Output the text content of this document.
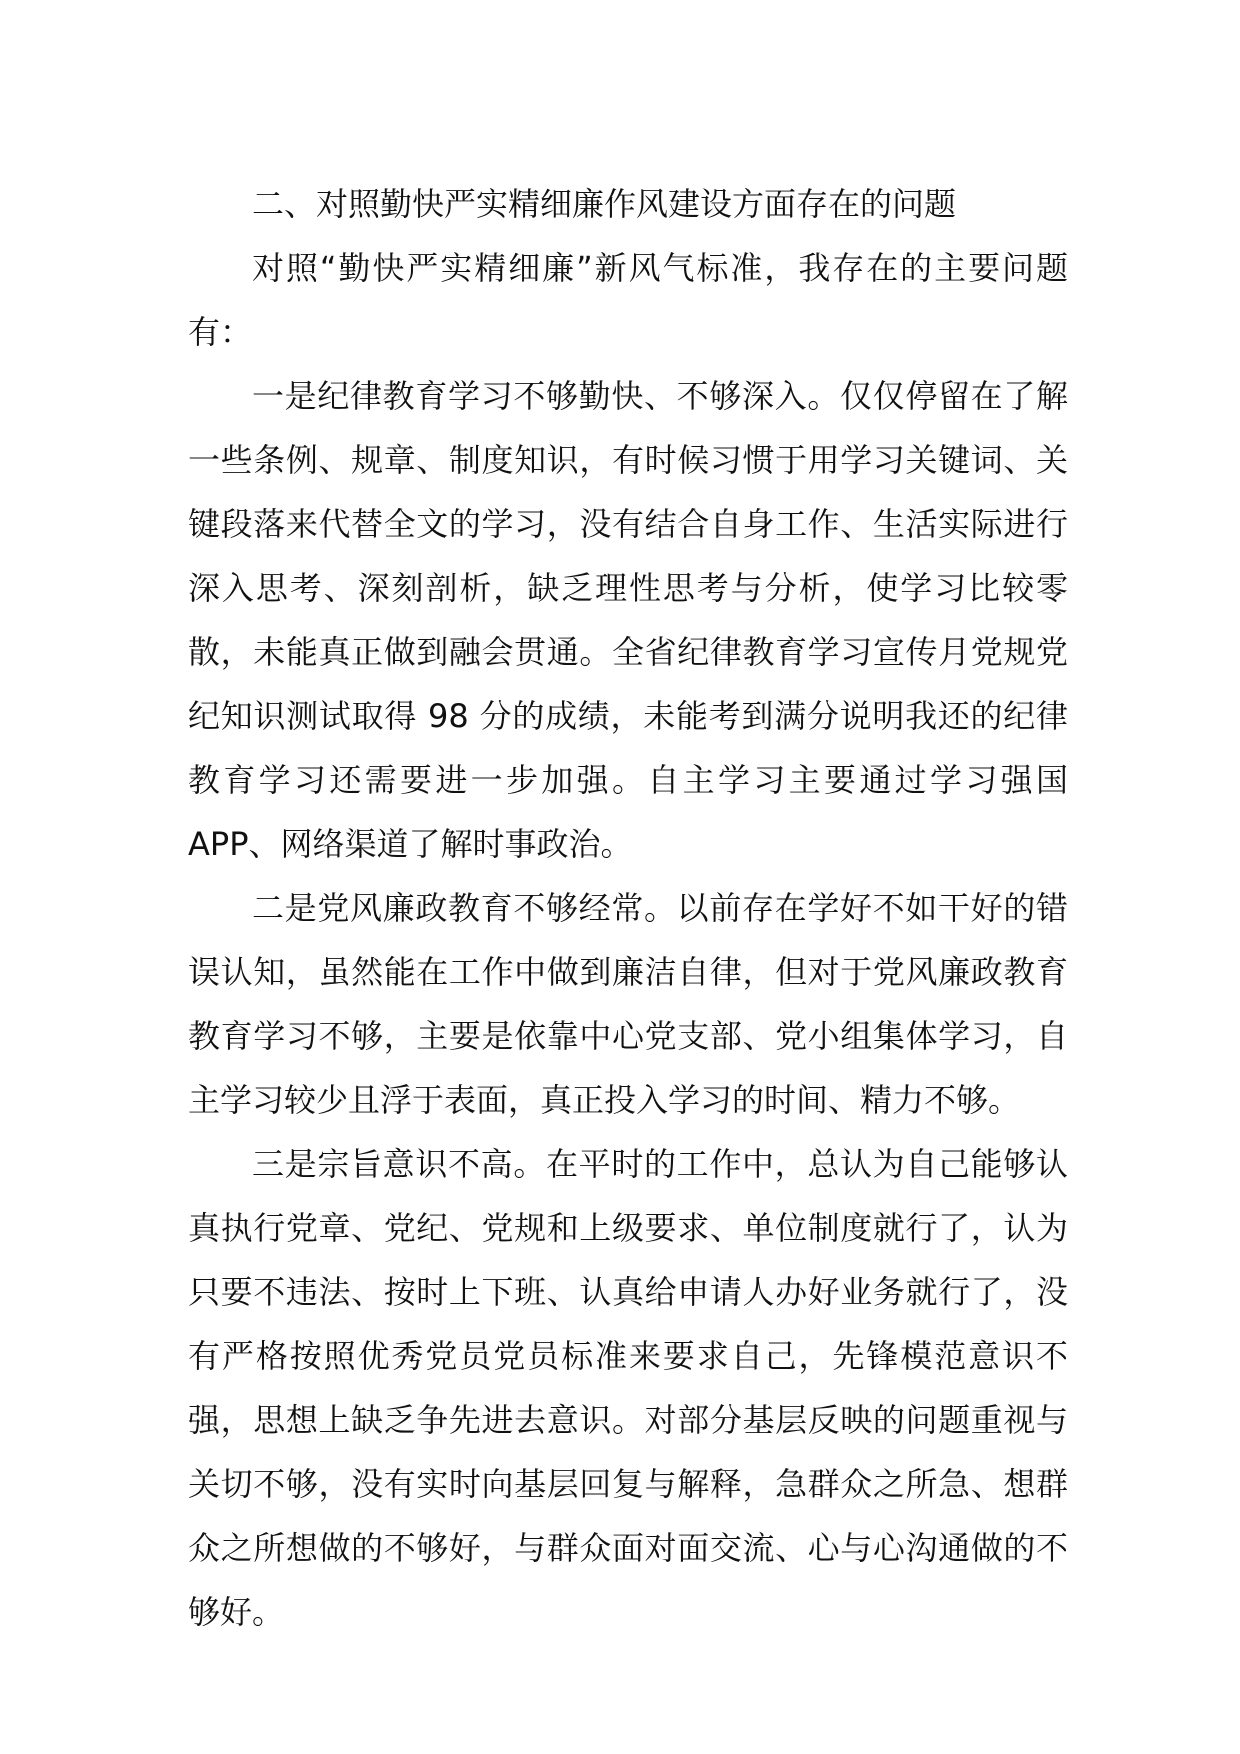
二、对照勤快严实精细廉作风建设方面存在的问题

对照“勤快严实精细廉”新风气标准，我存在的主要问题有：

一是纪律教育学习不够勤快、不够深入。仅仅停留在了解一些条例、规章、制度知识，有时候习惯于用学习关键词、关键段落来代替全文的学习，没有结合自身工作、生活实际进行深入思考、深刻剖析，缺乏理性思考与分析，使学习比较零散，未能真正做到融会贯通。全省纪律教育学习宣传月党规党纪知识测试取得 98 分的成绩，未能考到满分说明我还的纪律教育学习还需要进一步加强。自主学习主要通过学习强国 APP、网络渠道了解时事政治。

二是党风廉政教育不够经常。以前存在学好不如干好的错误认知，虽然能在工作中做到廉洁自律，但对于党风廉政教育教育学习不够，主要是依靠中心党支部、党小组集体学习，自主学习较少且浮于表面，真正投入学习的时间、精力不够。

三是宗旨意识不高。在平时的工作中，总认为自己能够认真执行党章、党纪、党规和上级要求、单位制度就行了，认为只要不违法、按时上下班、认真给申请人办好业务就行了，没有严格按照优秀党员党员标准来要求自己，先锋模范意识不强，思想上缺乏争先进去意识。对部分基层反映的问题重视与关切不够，没有实时向基层回复与解释，急群众之所急、想群众之所想做的不够好，与群众面对面交流、心与心沟通做的不够好。
